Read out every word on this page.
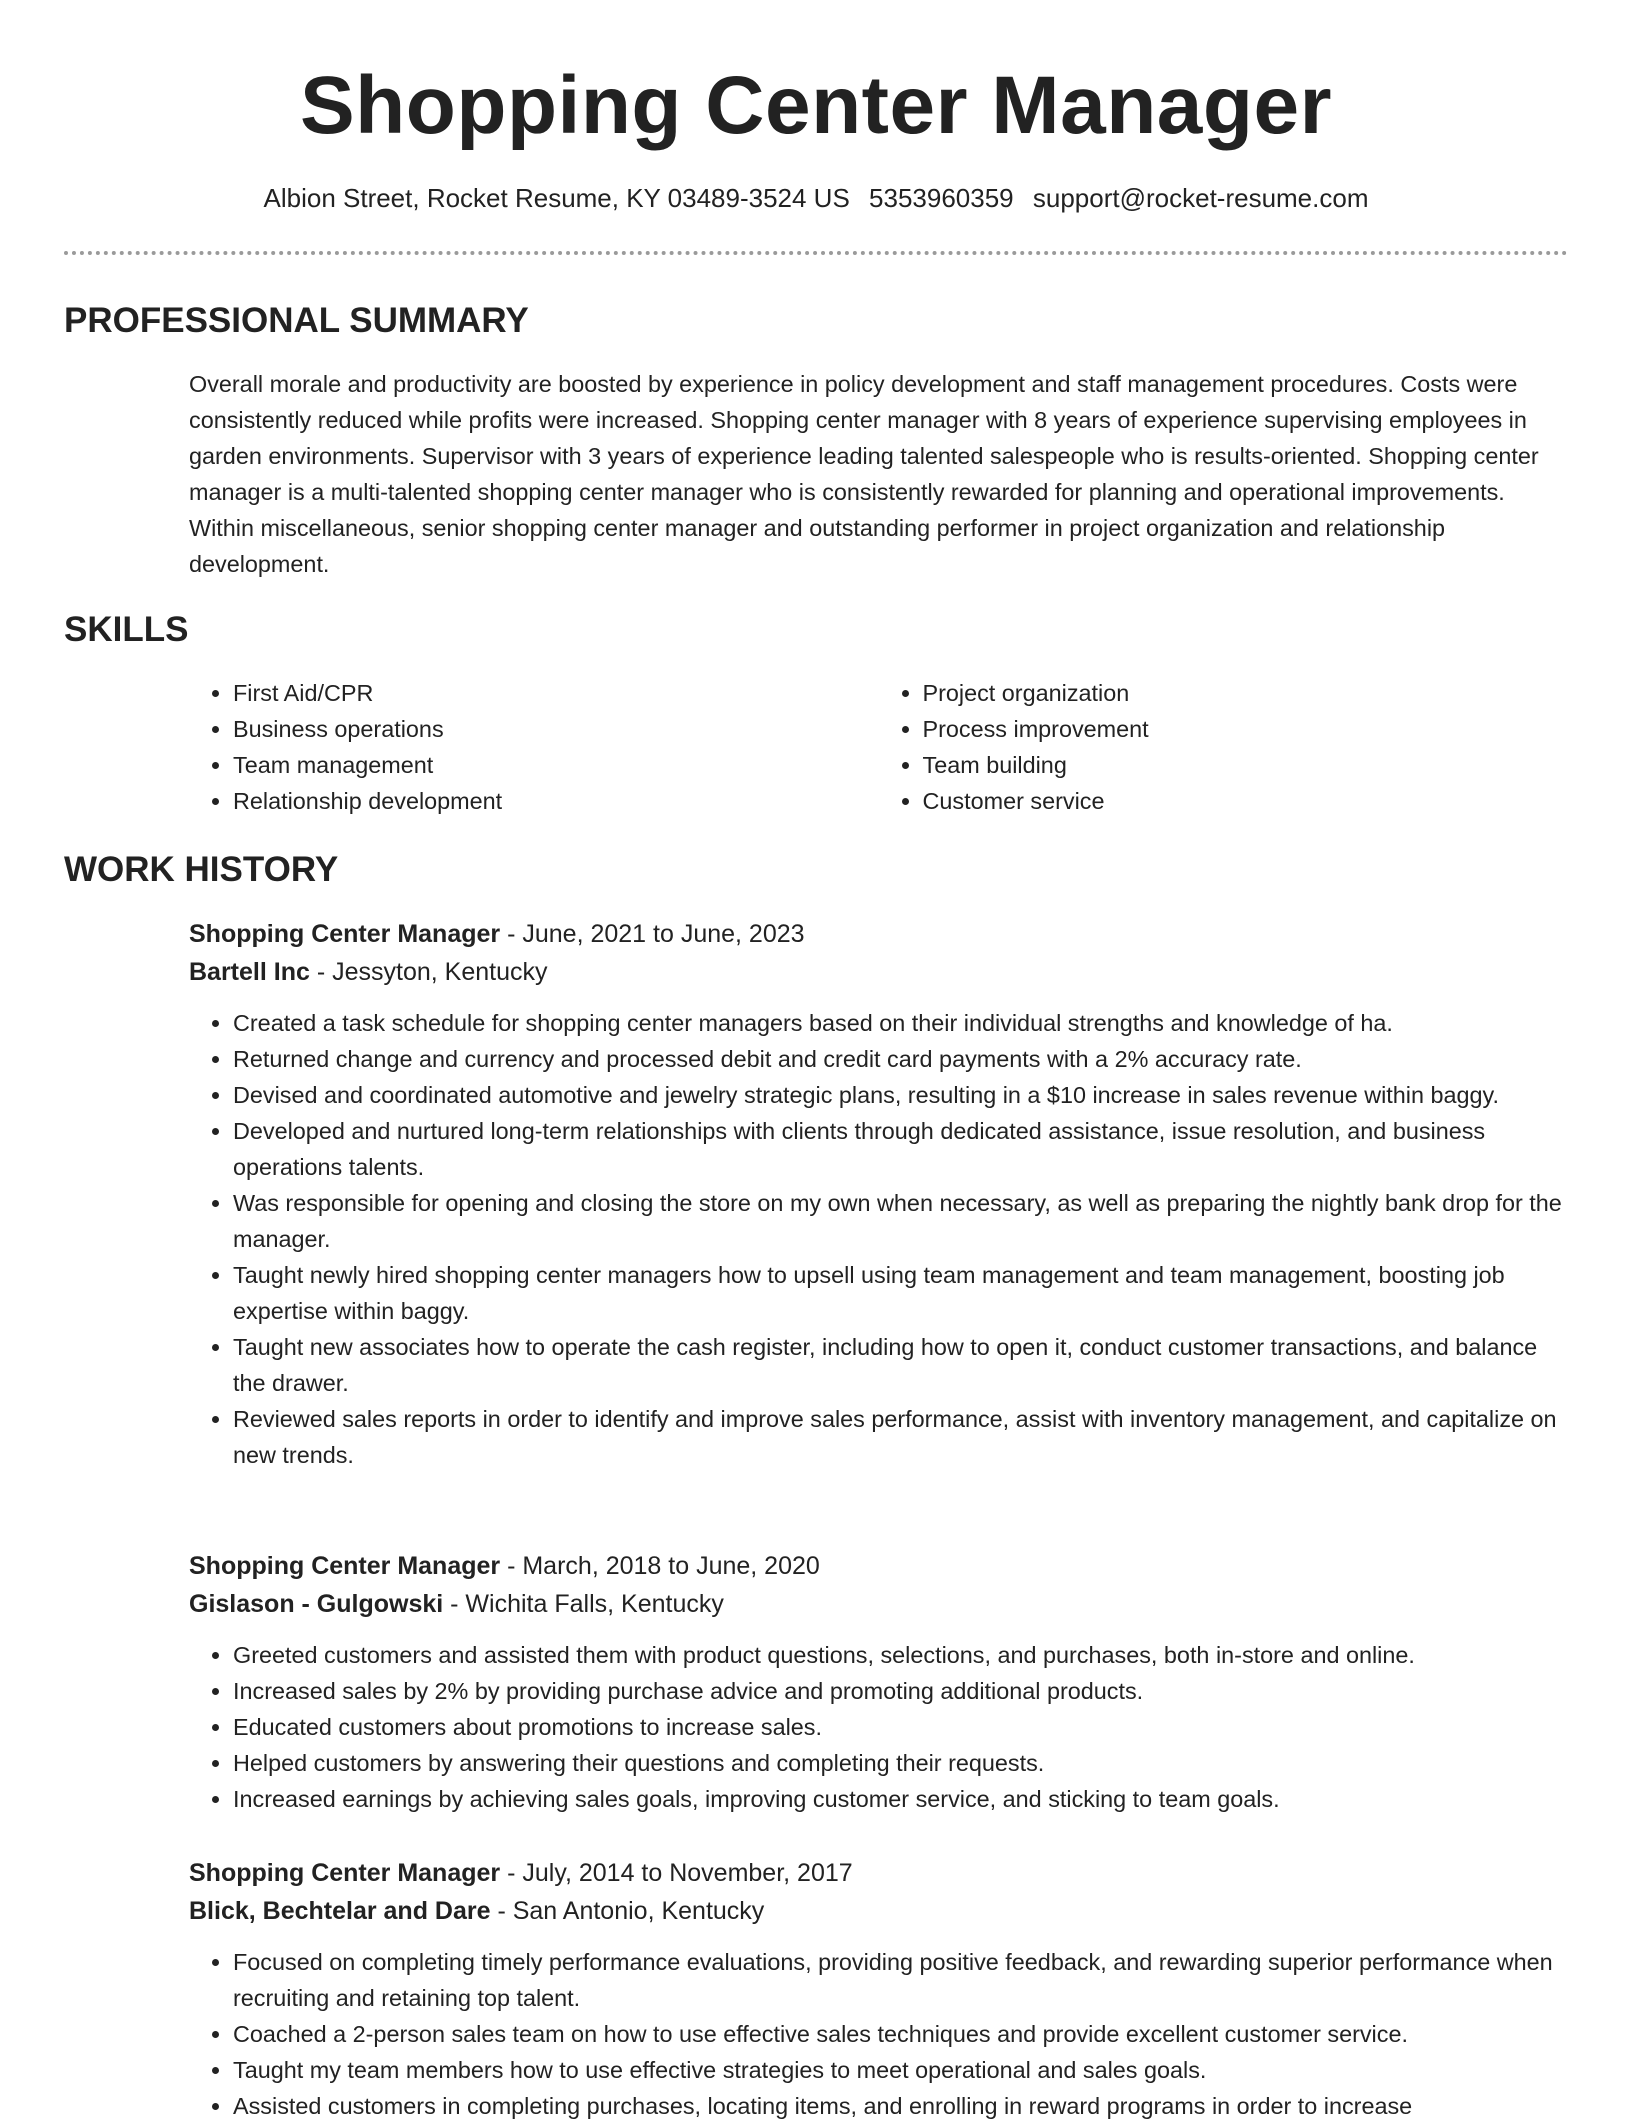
Shopping Center Manager
Albion Street, Rocket Resume, KY 03489-3524 US 5353960359 support@rocket-resume.com
PROFESSIONAL SUMMARY

Overall morale and productivity are boosted by experience in policy development and staff management procedures. Costs were consistently reduced while profits were increased. Shopping center manager with 8 years of experience supervising employees in garden environments. Supervisor with 3 years of experience leading talented salespeople who is results-oriented. Shopping center manager is a multi-talented shopping center manager who is consistently rewarded for planning and operational improvements. Within miscellaneous, senior shopping center manager and outstanding performer in project organization and relationship development.

SKILLS
• First Aid/CPR
• Business operations
• Team management
• Relationship development
• Project organization
• Process improvement
• Team building
• Customer service
WORK HISTORY
Shopping Center Manager - June, 2021 to June, 2023
Bartell Inc - Jessyton, Kentucky
• Created a task schedule for shopping center managers based on their individual strengths and knowledge of ha.
• Returned change and currency and processed debit and credit card payments with a 2% accuracy rate.
• Devised and coordinated automotive and jewelry strategic plans, resulting in a $10 increase in sales revenue within baggy.
• Developed and nurtured long-term relationships with clients through dedicated assistance, issue resolution, and business operations talents.
• Was responsible for opening and closing the store on my own when necessary, as well as preparing the nightly bank drop for the manager.
• Taught newly hired shopping center managers how to upsell using team management and team management, boosting job expertise within baggy.
• Taught new associates how to operate the cash register, including how to open it, conduct customer transactions, and balance the drawer.
• Reviewed sales reports in order to identify and improve sales performance, assist with inventory management, and capitalize on new trends.
Shopping Center Manager - March, 2018 to June, 2020
Gislason - Gulgowski - Wichita Falls, Kentucky
• Greeted customers and assisted them with product questions, selections, and purchases, both in-store and online.
• Increased sales by 2% by providing purchase advice and promoting additional products.
• Educated customers about promotions to increase sales.
• Helped customers by answering their questions and completing their requests.
• Increased earnings by achieving sales goals, improving customer service, and sticking to team goals.
Shopping Center Manager - July, 2014 to November, 2017
Blick, Bechtelar and Dare - San Antonio, Kentucky
• Focused on completing timely performance evaluations, providing positive feedback, and rewarding superior performance when recruiting and retaining top talent.
• Coached a 2-person sales team on how to use effective sales techniques and provide excellent customer service.
• Taught my team members how to use effective strategies to meet operational and sales goals.
• Assisted customers in completing purchases, locating items, and enrolling in reward programs in order to increase
